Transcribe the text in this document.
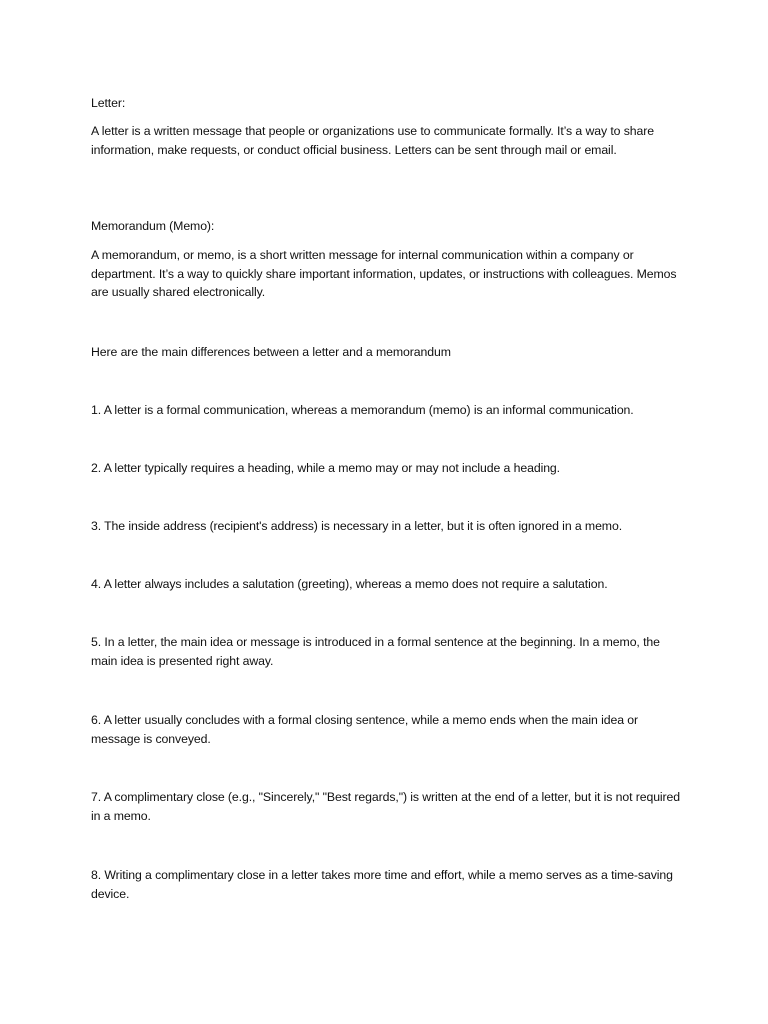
Letter:
A letter is a written message that people or organizations use to communicate formally. It’s a way to share information, make requests, or conduct official business. Letters can be sent through mail or email.
Memorandum (Memo):
A memorandum, or memo, is a short written message for internal communication within a company or department. It’s a way to quickly share important information, updates, or instructions with colleagues. Memos are usually shared electronically.
Here are the main differences between a letter and a memorandum
1. A letter is a formal communication, whereas a memorandum (memo) is an informal communication.
2. A letter typically requires a heading, while a memo may or may not include a heading.
3. The inside address (recipient's address) is necessary in a letter, but it is often ignored in a memo.
4. A letter always includes a salutation (greeting), whereas a memo does not require a salutation.
5. In a letter, the main idea or message is introduced in a formal sentence at the beginning. In a memo, the main idea is presented right away.
6. A letter usually concludes with a formal closing sentence, while a memo ends when the main idea or message is conveyed.
7. A complimentary close (e.g., "Sincerely," "Best regards,") is written at the end of a letter, but it is not required in a memo.
8. Writing a complimentary close in a letter takes more time and effort, while a memo serves as a time-saving device.
